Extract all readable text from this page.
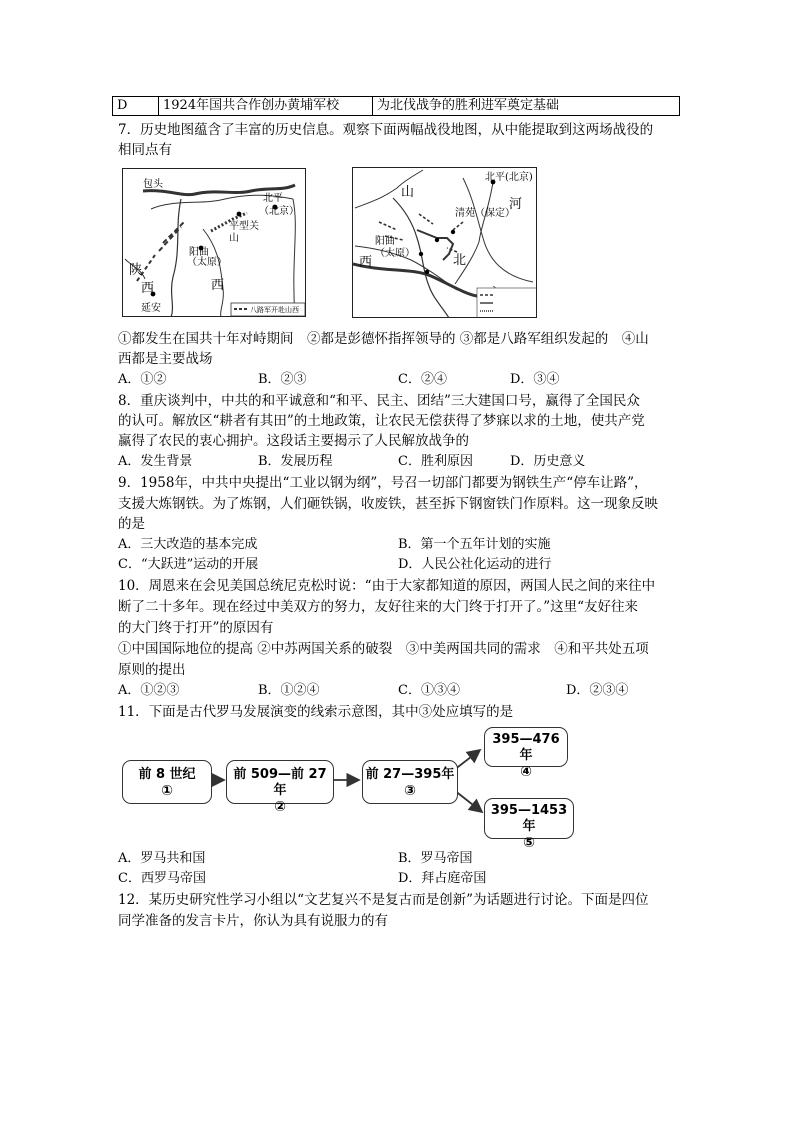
D	1924年国共合作创办黄埔军校	为北伐战争的胜利进军奠定基础
7．历史地图蕴含了丰富的历史信息。观察下面两幅战役地图，从中能提取到这两场战役的
相同点有
包头
北平
（北京）
平型关
山
阳曲
（太原）
陕
西
西
延安	八路军开赴山西
北平(北京)
山
河
清苑（保定）
西	北
阳曲
（太原）
①都发生在国共十年对峙期间　②都是彭德怀指挥领导的 ③都是八路军组织发起的　④山
西都是主要战场
A．①②	B．②③	C．②④	D．③④
8．重庆谈判中，中共的和平诚意和“和平、民主、团结”三大建国口号，赢得了全国民众
的认可。解放区“耕者有其田”的土地政策，让农民无偿获得了梦寐以求的土地，使共产党
赢得了农民的衷心拥护。这段话主要揭示了人民解放战争的
A．发生背景	B．发展历程	C．胜利原因	D．历史意义
9．1958年，中共中央提出“工业以钢为纲”，号召一切部门都要为钢铁生产“停车让路”，
支援大炼钢铁。为了炼钢，人们砸铁锅，收废铁，甚至拆下钢窗铁门作原料。这一现象反映
的是
A．三大改造的基本完成	B．第一个五年计划的实施
C．“大跃进”运动的开展	D．人民公社化运动的进行
10．周恩来在会见美国总统尼克松时说：“由于大家都知道的原因，两国人民之间的来往中
断了二十多年。现在经过中美双方的努力，友好往来的大门终于打开了。”这里“友好往来
的大门终于打开”的原因有
①中国国际地位的提高 ②中苏两国关系的破裂　③中美两国共同的需求　④和平共处五项
原则的提出
A．①②③	B．①②④	C．①③④	D．②③④
11．下面是古代罗马发展演变的线索示意图，其中③处应填写的是
前 8 世纪
①
前 509—前 27 年
②
前 27—395年
③
395—476 年
④
395—1453 年
⑤
A．罗马共和国	B．罗马帝国
C．西罗马帝国	D．拜占庭帝国
12．某历史研究性学习小组以“文艺复兴不是复古而是创新”为话题进行讨论。下面是四位
同学准备的发言卡片，你认为具有说服力的有
